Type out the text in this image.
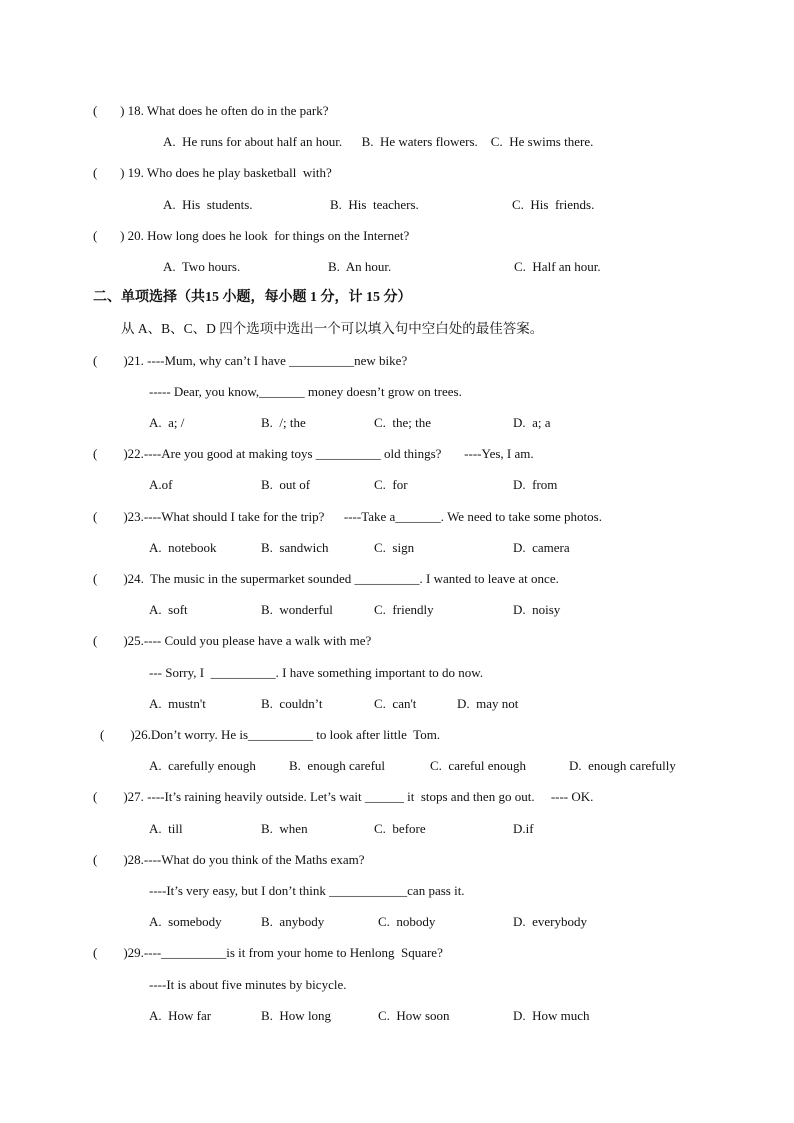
(       ) 18. What does he often do in the park?
A.  He runs for about half an hour.      B.  He waters flowers.    C.  He swims there.
(       ) 19. Who does he play basketball  with?
A.  His  students.	B.  His  teachers.	C.  His  friends.
(       ) 20. How long does he look  for things on the Internet?
A.  Two hours.	B.  An hour.	C.  Half an hour.
二、单项选择（共15 小题，每小题 1 分，计 15 分）
从 A、B、C、D 四个选项中选出一个可以填入句中空白处的最佳答案。
(        )21. ----Mum, why can’t I have __________new bike?
----- Dear, you know,_______ money doesn’t grow on trees.
A.  a; /	B.  /; the	C.  the; the	D.  a; a
(        )22.----Are you good at making toys __________ old things?       ----Yes, I am.
A.of	B.  out of	C.  for	D.  from
(        )23.----What should I take for the trip?      ----Take a_______. We need to take some photos.
A.  notebook	B.  sandwich	C.  sign	D.  camera
(        )24.  The music in the supermarket sounded __________. I wanted to leave at once.
A.  soft	B.  wonderful	C.  friendly	D.  noisy
(        )25.---- Could you please have a walk with me?
--- Sorry, I  __________. I have something important to do now.
A.  mustn't	B.  couldn’t	C.  can't	D.  may not
(        )26.Don’t worry. He is__________ to look after little  Tom.
A.  carefully enough	B.  enough careful	C.  careful enough	D.  enough carefully
(        )27. ----It’s raining heavily outside. Let’s wait ______ it  stops and then go out.     ---- OK.
A.  till	B.  when	C.  before	D.if
(        )28.----What do you think of the Maths exam?
----It’s very easy, but I don’t think ____________can pass it.
A.  somebody	B.  anybody	C.  nobody	D.  everybody
(        )29.----__________is it from your home to Henlong  Square?
----It is about five minutes by bicycle.
A.  How far	B.  How long	C.  How soon	D.  How much
